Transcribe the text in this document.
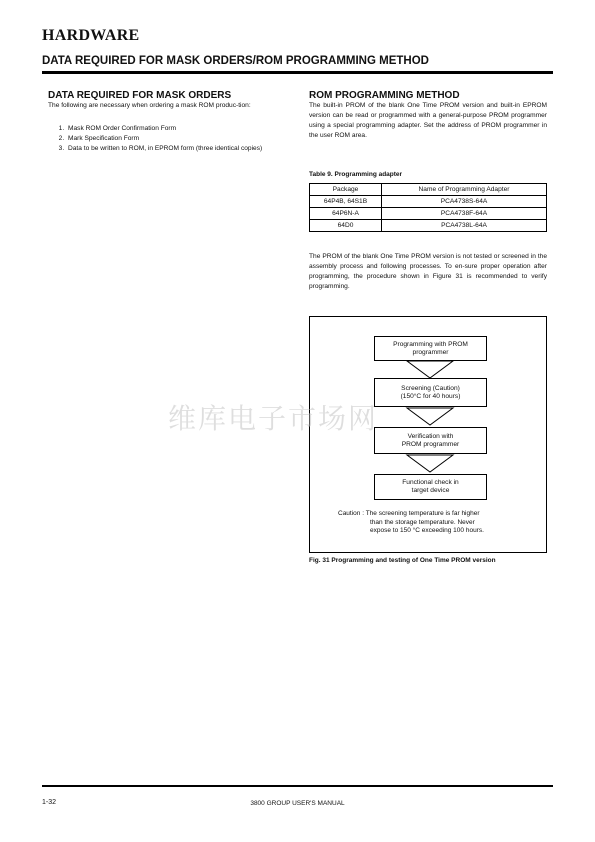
HARDWARE
DATA REQUIRED FOR MASK ORDERS/ROM PROGRAMMING METHOD
DATA REQUIRED FOR MASK ORDERS
The following are necessary when ordering a mask ROM produc-tion:
1. Mask ROM Order Confirmation Form
2. Mark Specification Form
3. Data to be written to ROM, in EPROM form (three identical copies)
ROM PROGRAMMING METHOD
The built-in PROM of the blank One Time PROM version and built-in EPROM version can be read or programmed with a general-purpose PROM programmer using a special programming adapter. Set the address of PROM programmer in the user ROM area.
Table 9. Programming adapter
Package	Name of Programming Adapter
64P4B, 64S1B	PCA4738S-64A
64P6N-A	PCA4738F-64A
64D0	PCA4738L-64A
The PROM of the blank One Time PROM version is not tested or screened in the assembly process and following processes. To en-sure proper operation after programming, the procedure shown in Figure 31 is recommended to verify programming.
Programming with PROM
programmer
Screening (Caution)
(150°C for 40 hours)
Verification with
PROM programmer
Functional check in
target device
Caution : The screening temperature is far higher
than the storage temperature. Never
expose to 150 °C exceeding 100 hours.
Fig. 31 Programming and testing of One Time PROM version
维库电子市场网
1-32	3800 GROUP USER'S MANUAL
